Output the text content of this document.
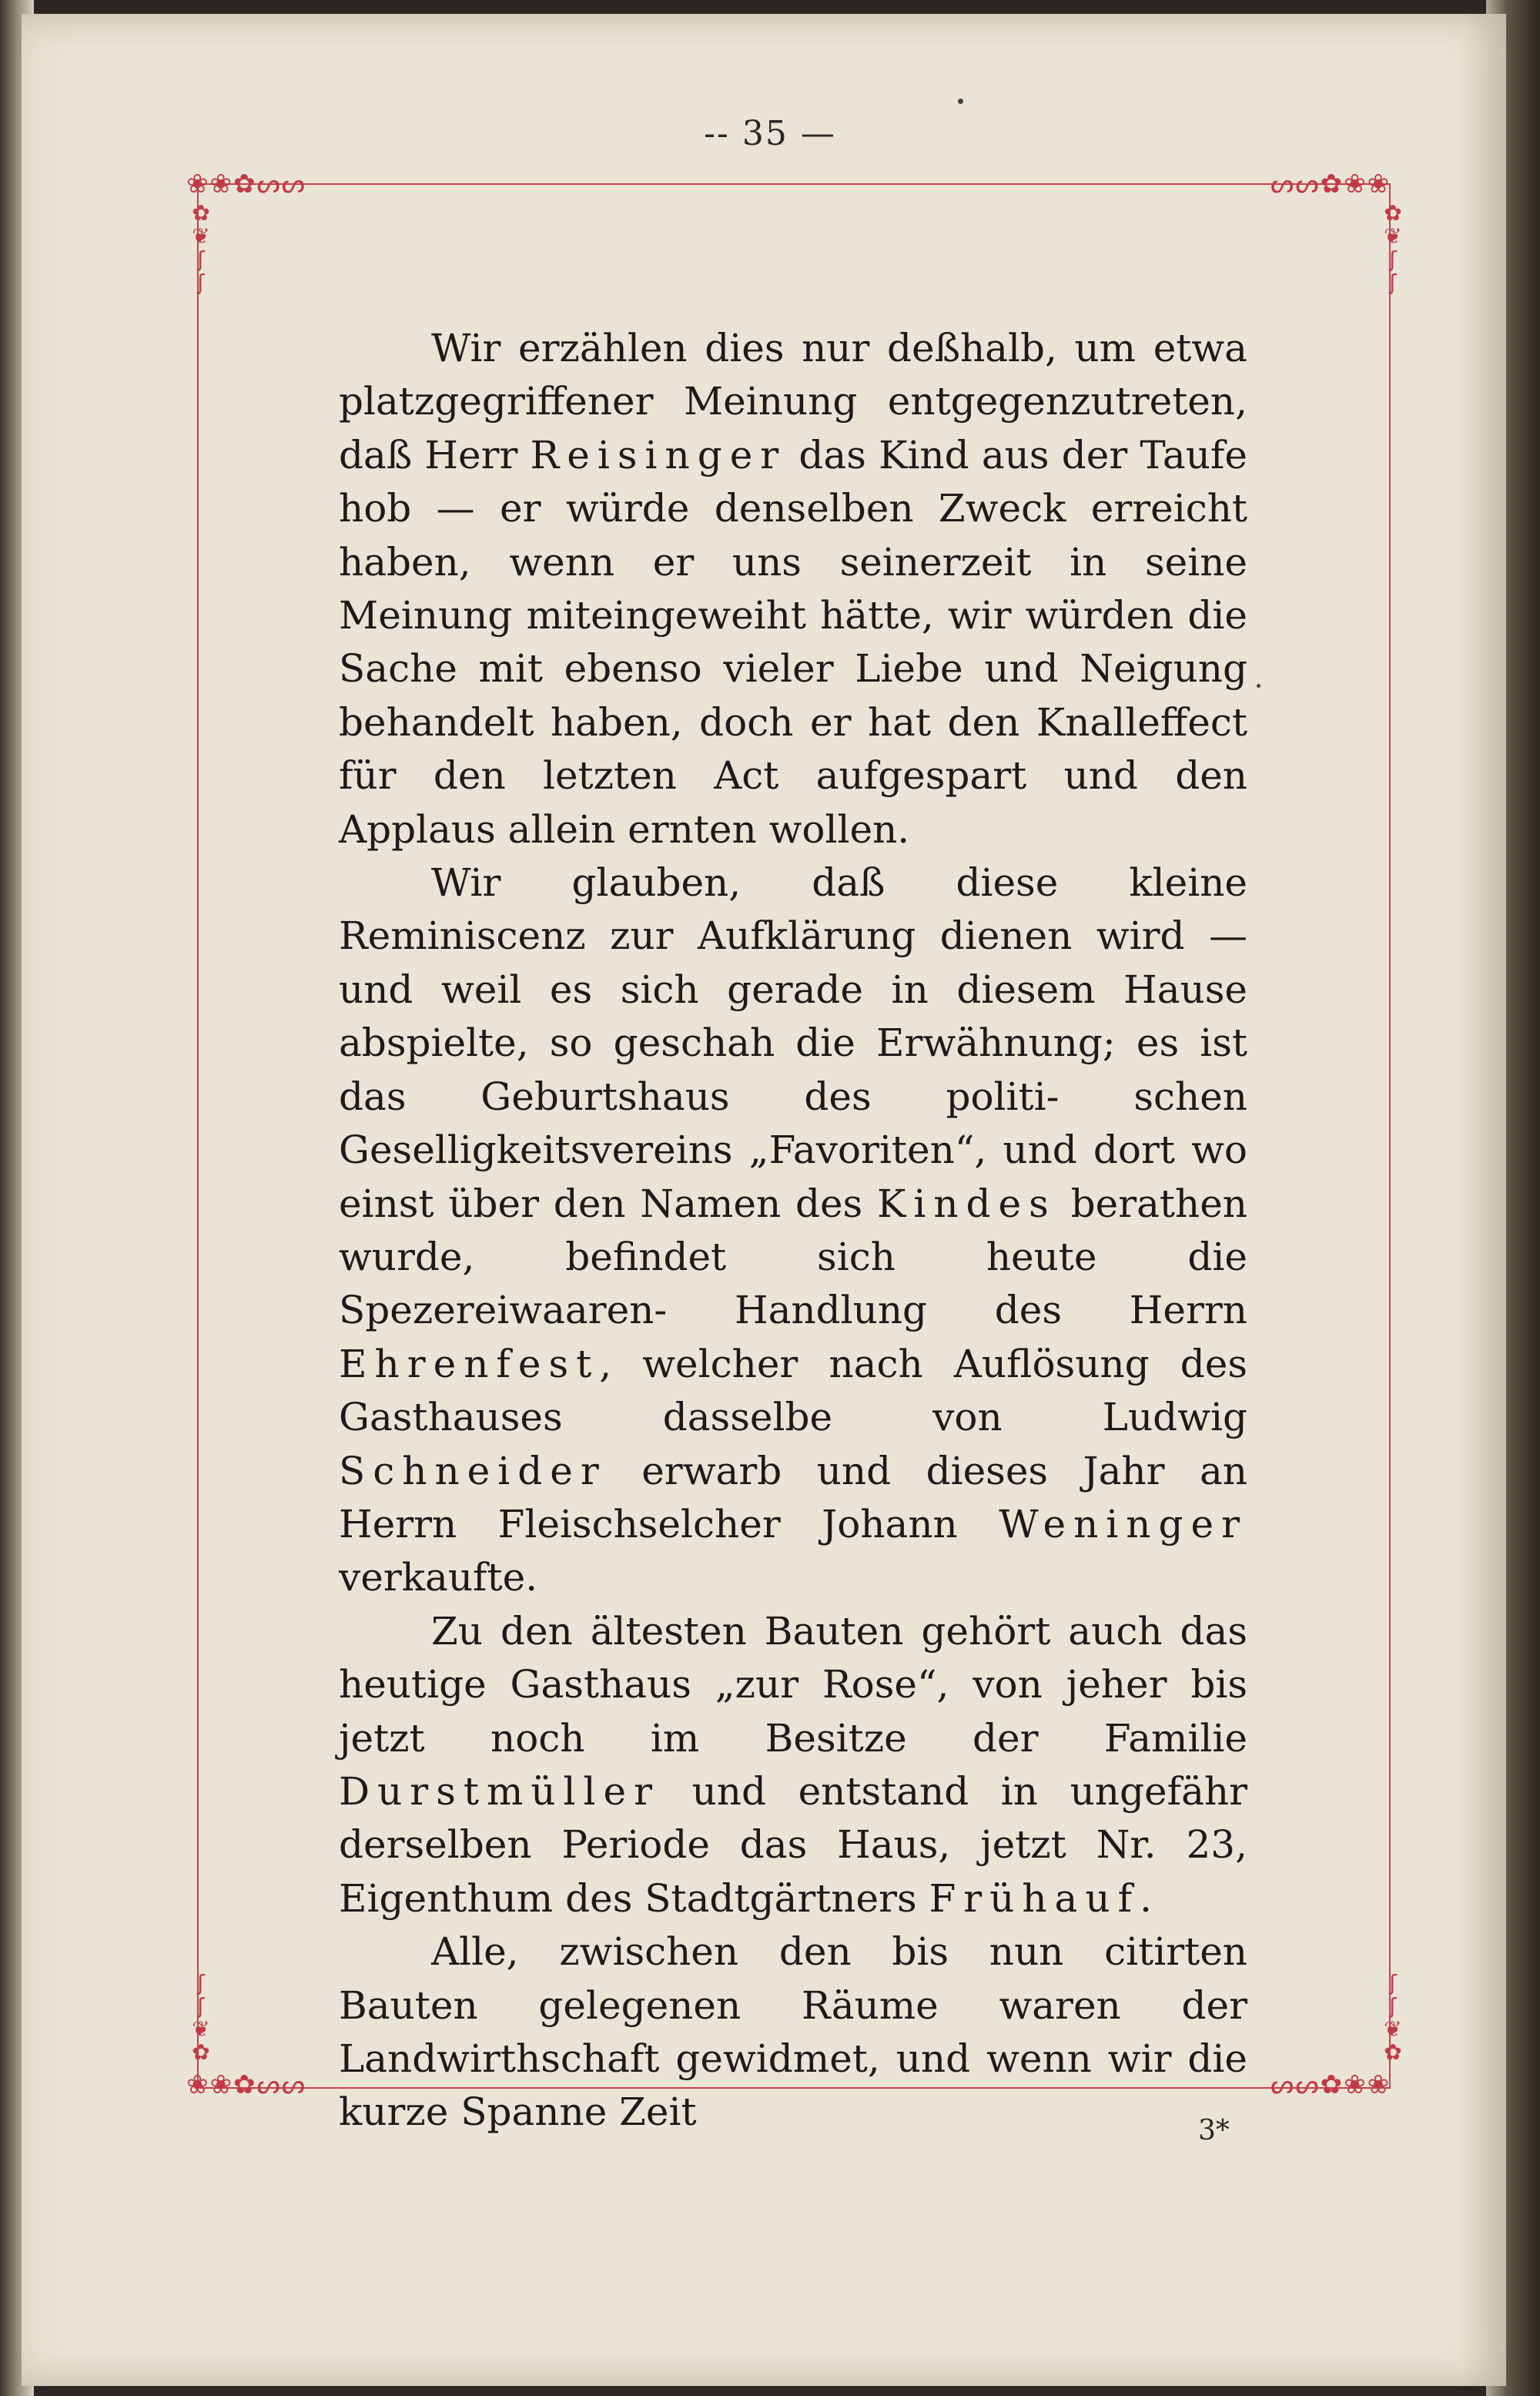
-- 35 —
❀❀✿ᔕᔕ	ᔕᔕ✿❀❀
❀❀✿ᔕᔕ	ᔕᔕ✿❀❀
✿
❦
ʃ
ʃ
✿
❦
ʃ
ʃ
ʃ
ʃ
❦
✿
ʃ
ʃ
❦
✿

Wir erzählen dies nur deßhalb, um etwa platzgegriffener Meinung entgegenzutreten, daß Herr Reisinger das Kind aus der Taufe hob — er würde denselben Zweck erreicht haben, wenn er uns seinerzeit in seine Meinung miteingeweiht hätte, wir würden die Sache mit ebenso vieler Liebe und Neigung behandelt haben, doch er hat den Knalleffect für den letzten Act aufgespart und den Applaus allein ernten wollen.

Wir glauben, daß diese kleine Reminiscenz zur Aufklärung dienen wird — und weil es sich gerade in diesem Hause abspielte, so geschah die Erwähnung; es ist das Geburtshaus des politi- schen Geselligkeitsvereins „Favoriten“, und dort wo einst über den Namen des Kindes berathen wurde, befindet sich heute die Spezereiwaaren- Handlung des Herrn Ehrenfest, welcher nach Auflösung des Gasthauses dasselbe von Ludwig Schneider erwarb und dieses Jahr an Herrn Fleischselcher Johann Weninger verkaufte.

Zu den ältesten Bauten gehört auch das heutige Gasthaus „zur Rose“, von jeher bis jetzt noch im Besitze der Familie Durstmüller und entstand in ungefähr derselben Periode das Haus, jetzt Nr. 23, Eigenthum des Stadtgärtners Frühauf.

Alle, zwischen den bis nun citirten Bauten gelegenen Räume waren der Landwirthschaft gewidmet, und wenn wir die kurze Spanne Zeit	3*
